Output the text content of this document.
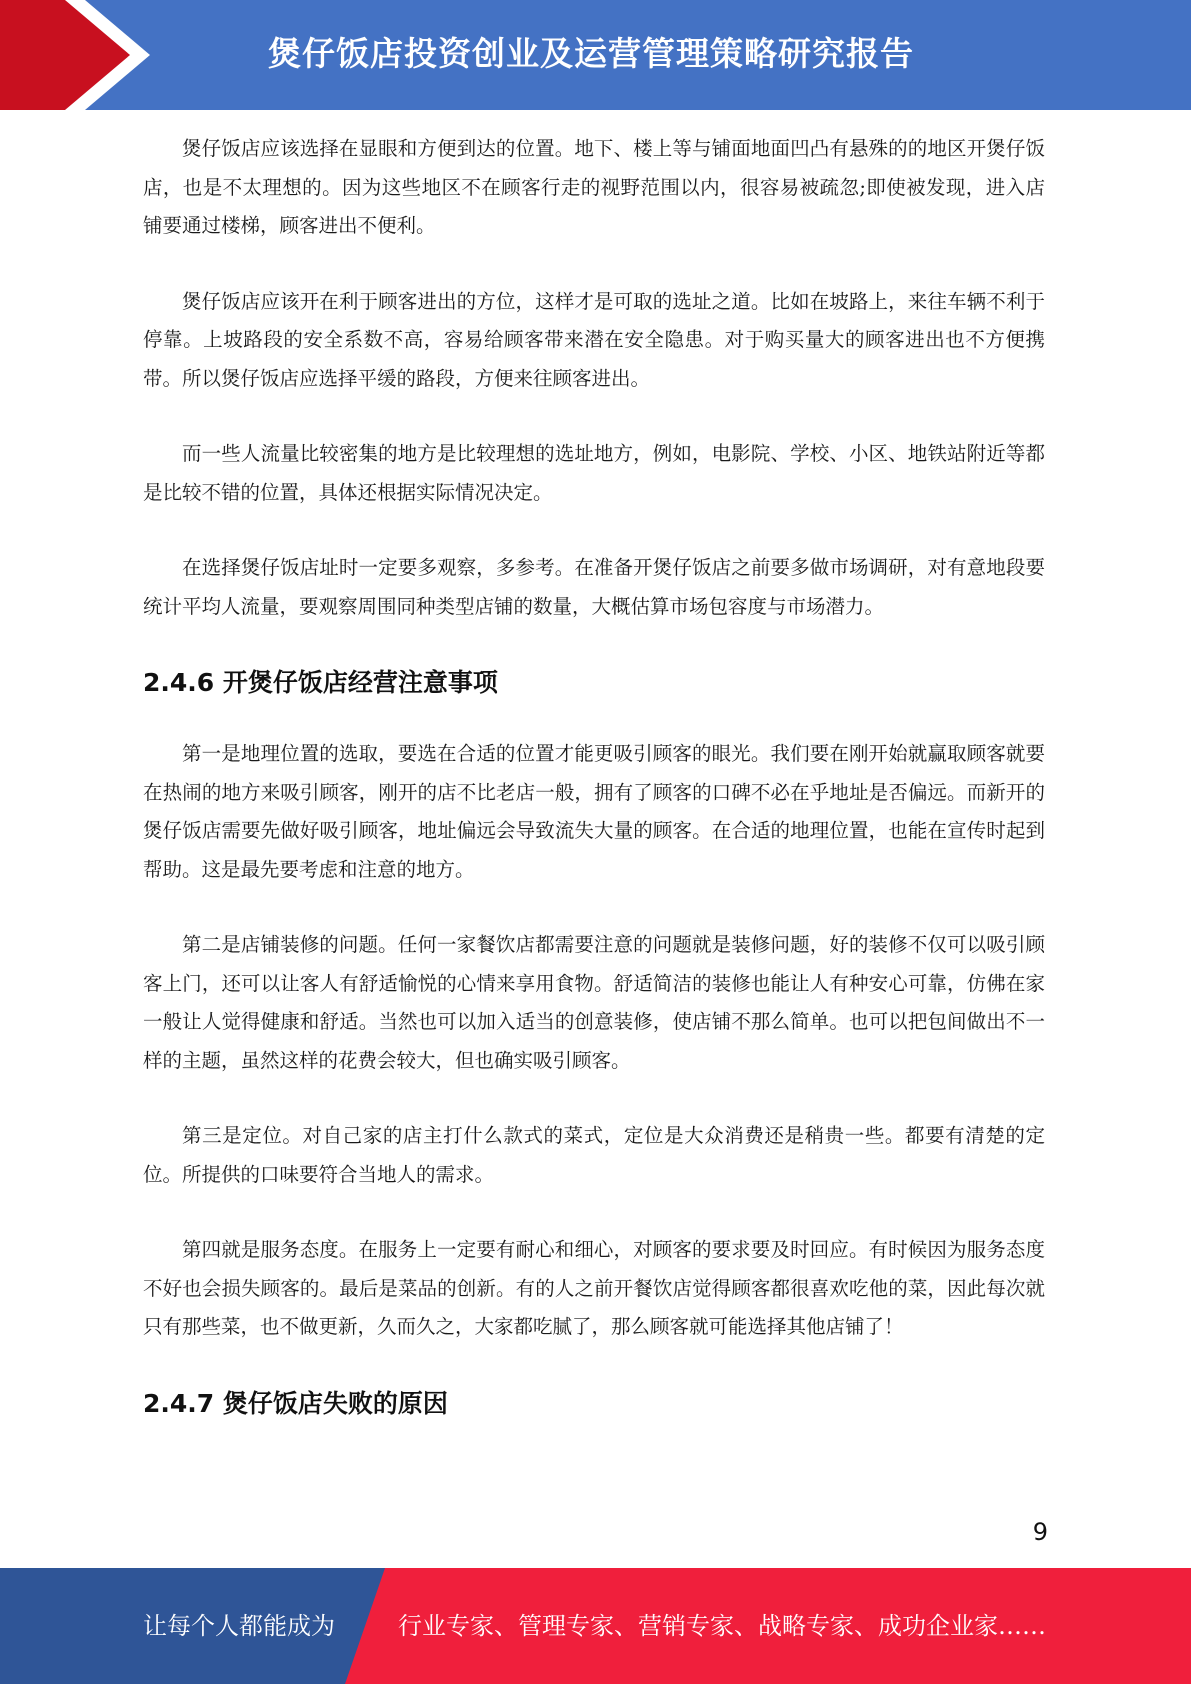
煲仔饭店投资创业及运营管理策略研究报告

煲仔饭店应该选择在显眼和方便到达的位置。地下、楼上等与铺面地面凹凸有悬殊的的地区开煲仔饭店，也是不太理想的。因为这些地区不在顾客行走的视野范围以内，很容易被疏忽;即使被发现，进入店铺要通过楼梯，顾客进出不便利。

煲仔饭店应该开在利于顾客进出的方位，这样才是可取的选址之道。比如在坡路上，来往车辆不利于停靠。上坡路段的安全系数不高，容易给顾客带来潜在安全隐患。对于购买量大的顾客进出也不方便携带。所以煲仔饭店应选择平缓的路段，方便来往顾客进出。

而一些人流量比较密集的地方是比较理想的选址地方，例如，电影院、学校、小区、地铁站附近等都是比较不错的位置，具体还根据实际情况决定。

在选择煲仔饭店址时一定要多观察，多参考。在准备开煲仔饭店之前要多做市场调研，对有意地段要统计平均人流量，要观察周围同种类型店铺的数量，大概估算市场包容度与市场潜力。

2.4.6 开煲仔饭店经营注意事项

第一是地理位置的选取，要选在合适的位置才能更吸引顾客的眼光。我们要在刚开始就赢取顾客就要在热闹的地方来吸引顾客，刚开的店不比老店一般，拥有了顾客的口碑不必在乎地址是否偏远。而新开的煲仔饭店需要先做好吸引顾客，地址偏远会导致流失大量的顾客。在合适的地理位置，也能在宣传时起到帮助。这是最先要考虑和注意的地方。

第二是店铺装修的问题。任何一家餐饮店都需要注意的问题就是装修问题，好的装修不仅可以吸引顾客上门，还可以让客人有舒适愉悦的心情来享用食物。舒适简洁的装修也能让人有种安心可靠，仿佛在家一般让人觉得健康和舒适。当然也可以加入适当的创意装修，使店铺不那么简单。也可以把包间做出不一样的主题，虽然这样的花费会较大，但也确实吸引顾客。

第三是定位。对自己家的店主打什么款式的菜式，定位是大众消费还是稍贵一些。都要有清楚的定位。所提供的口味要符合当地人的需求。

第四就是服务态度。在服务上一定要有耐心和细心，对顾客的要求要及时回应。有时候因为服务态度不好也会损失顾客的。最后是菜品的创新。有的人之前开餐饮店觉得顾客都很喜欢吃他的菜，因此每次就只有那些菜，也不做更新，久而久之，大家都吃腻了，那么顾客就可能选择其他店铺了！

2.4.7 煲仔饭店失败的原因
9
让每个人都能成为	行业专家、管理专家、营销专家、战略专家、成功企业家……
